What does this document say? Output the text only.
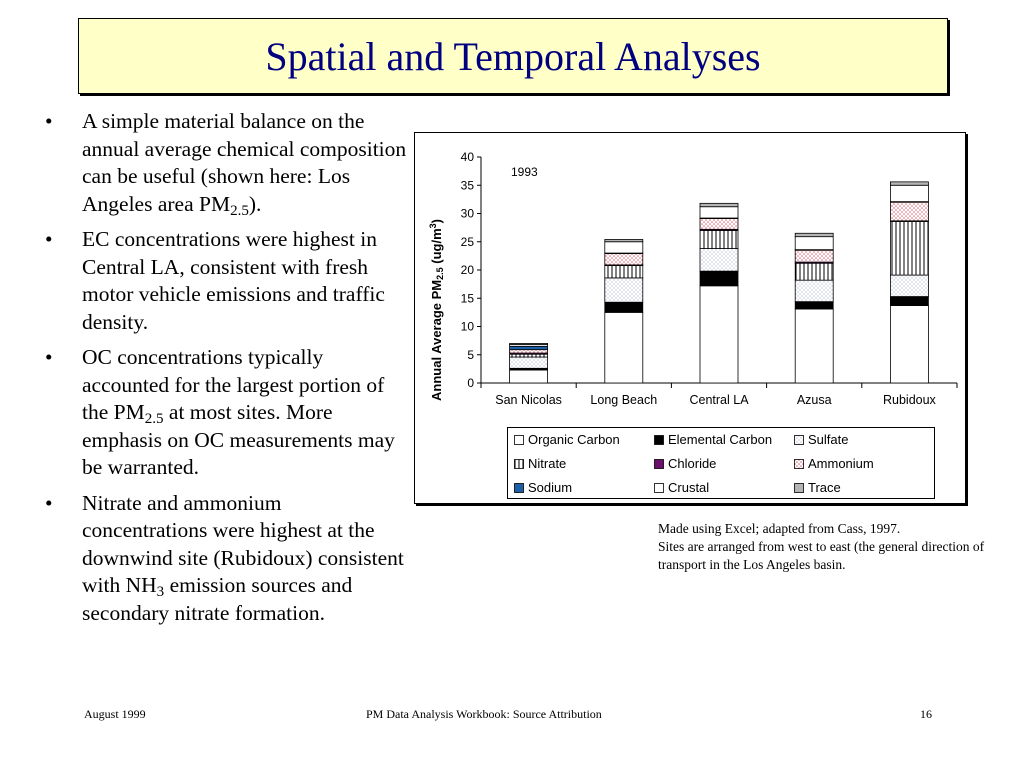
Spatial and Temporal Analyses
• A simple material balance on the annual average chemical composition can be useful (shown here: Los Angeles area $PM_{2.5}$).
• EC concentrations were highest in Central LA, consistent with fresh motor vehicle emissions and traffic density.
• OC concentrations typically accounted for the largest portion of the $PM_{2.5}$ at most sites. More emphasis on OC measurements may be warranted.
• Nitrate and ammonium concentrations were highest at the downwind site (Rubidoux) consistent with $NH_3$ emission sources and secondary nitrate formation.
0
5
10
15
20
25
30
35
40
San Nicolas Long Beach	Central LA	Azusa	Rubidoux
1993
Annual Average $PM_{2.5}$ $(ug/m^3)$
Organic Carbon	Elemental Carbon	Sulfate
Nitrate	Chloride	Ammonium
Sodium	Crustal	Trace
Made using Excel; adapted from Cass, 1997.
Sites are arranged from west to east (the general direction of transport in the Los Angeles basin.
August 1999	PM Data Analysis Workbook: Source Attribution	16
